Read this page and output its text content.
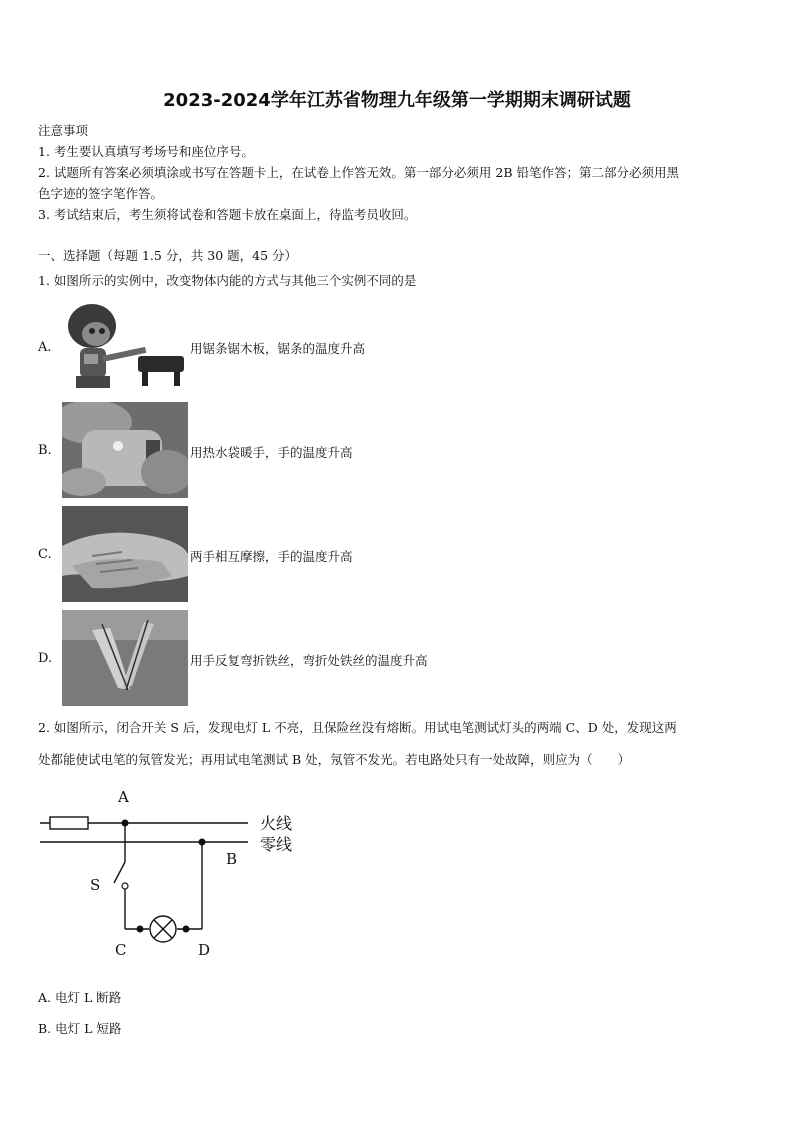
2023-2024学年江苏省物理九年级第一学期期末调研试题
注意事项
1. 考生要认真填写考场号和座位序号。
2. 试题所有答案必须填涂或书写在答题卡上，在试卷上作答无效。第一部分必须用 2B 铅笔作答；第二部分必须用黑
色字迹的签字笔作答。
3. 考试结束后，考生须将试卷和答题卡放在桌面上，待监考员收回。
一、选择题（每题 1.5 分，共 30 题，45 分）
1. 如图所示的实例中，改变物体内能的方式与其他三个实例不同的是
A.	用锯条锯木板，锯条的温度升高
B.	用热水袋暖手，手的温度升高
C.	两手相互摩擦，手的温度升高
D.	用手反复弯折铁丝，弯折处铁丝的温度升高
2. 如图所示，闭合开关 S 后，发现电灯 L 不亮，且保险丝没有熔断。用试电笔测试灯头的两端 C、D 处，发现这两
处都能使试电笔的氖管发光；再用试电笔测试 B 处，氖管不发光。若电路处只有一处故障，则应为（　　）
A
B
C	D
S
火线
零线
A. 电灯 L 断路
B. 电灯 L 短路
